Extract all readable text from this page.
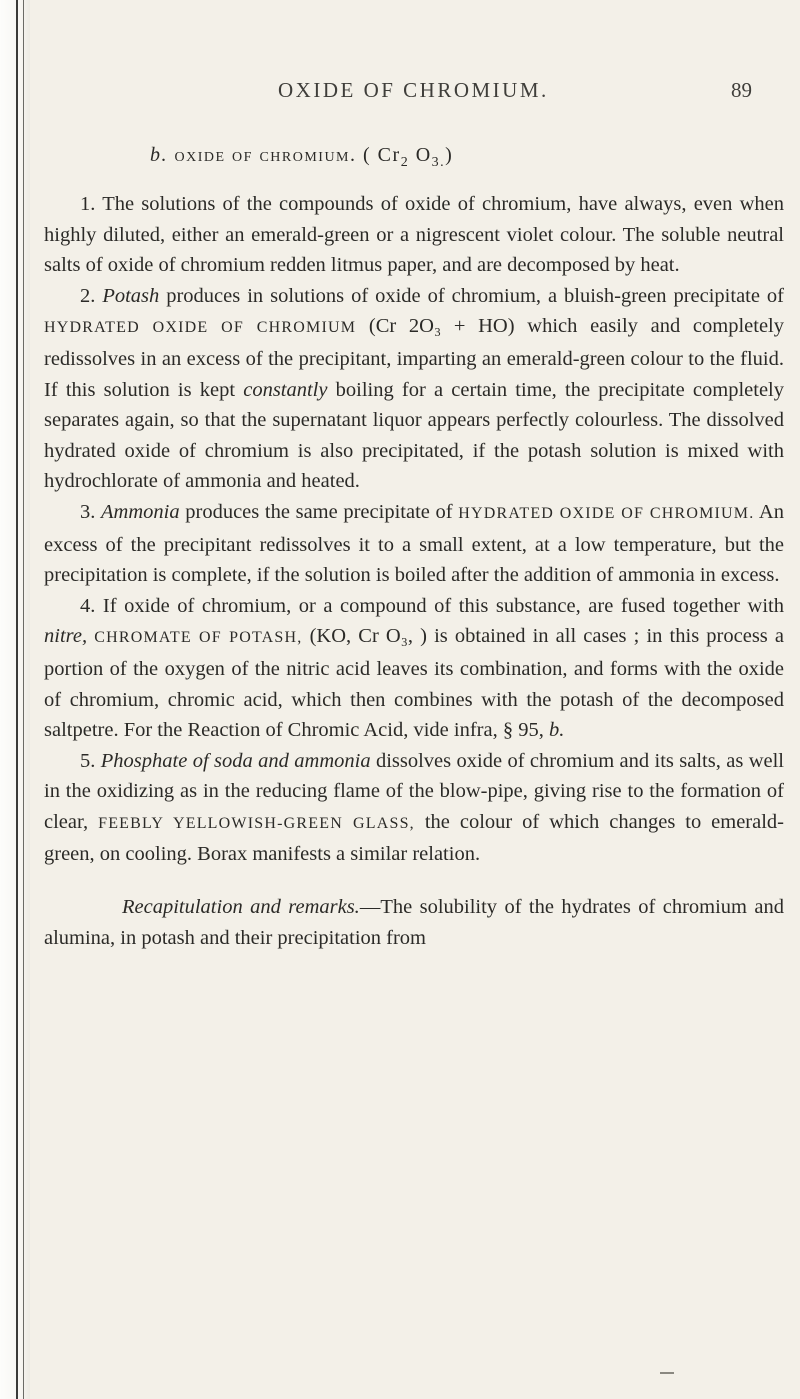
OXIDE OF CHROMIUM.	89
b. oxide of chromium. ( $Cr_2$ $O_{3.}$)

1. The solutions of the compounds of oxide of chromium, have always, even when highly diluted, either an emerald-green or a nigrescent violet colour. The soluble neutral salts of oxide of chromium redden litmus paper, and are decomposed by heat.

2. Potash produces in solutions of oxide of chromium, a bluish-green precipitate of HYDRATED OXIDE OF CHROMIUM (Cr 2O₃ + HO) which easily and completely redissolves in an excess of the precipitant, imparting an emerald-green colour to the fluid. If this solution is kept constantly boiling for a certain time, the precipitate completely separates again, so that the supernatant liquor appears perfectly colourless. The dissolved hydrated oxide of chromium is also precipitated, if the potash solution is mixed with hydrochlorate of ammonia and heated.

3. Ammonia produces the same precipitate of HYDRATED OXIDE OF CHROMIUM. An excess of the precipitant redissolves it to a small extent, at a low temperature, but the precipitation is complete, if the solution is boiled after the addition of ammonia in excess.

4. If oxide of chromium, or a compound of this substance, are fused together with nitre, CHROMATE OF POTASH, (KO, Cr O₃, ) is obtained in all cases ; in this process a portion of the oxygen of the nitric acid leaves its combination, and forms with the oxide of chromium, chromic acid, which then combines with the potash of the decomposed saltpetre. For the Reaction of Chromic Acid, vide infra, § 95, b.

5. Phosphate of soda and ammonia dissolves oxide of chromium and its salts, as well in the oxidizing as in the reducing flame of the blow-pipe, giving rise to the formation of clear, FEEBLY YELLOWISH-GREEN GLASS, the colour of which changes to emerald-green, on cooling. Borax manifests a similar relation.

Recapitulation and remarks.—The solubility of the hydrates of chromium and alumina, in potash and their precipitation from
